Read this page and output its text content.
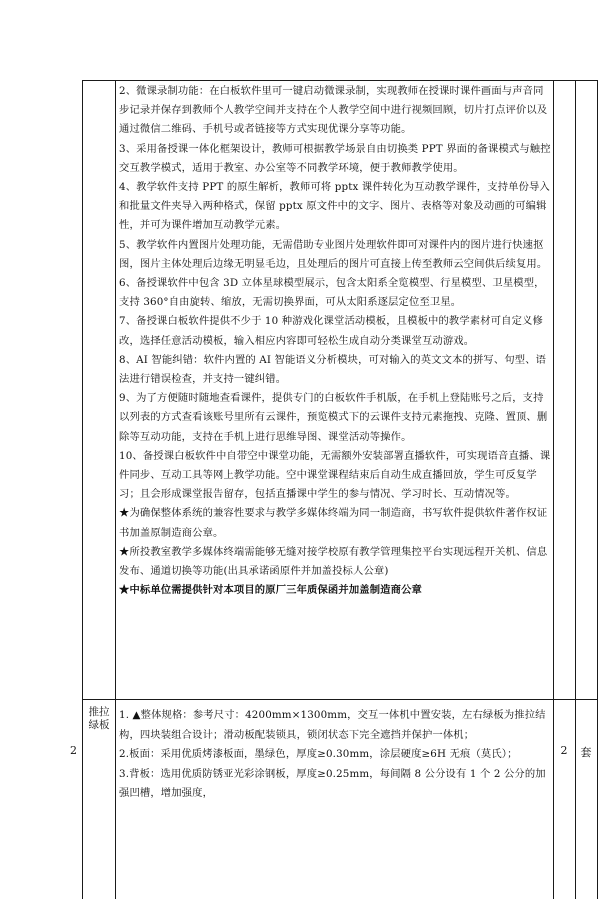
2、微课录制功能：在白板软件里可一键启动微课录制，实现教师在授课时课件画面与声音同步记录并保存到教师个人教学空间并支持在个人教学空间中进行视频回顾，切片打点评价以及通过微信二维码、手机号或者链接等方式实现优课分享等功能。

3、采用备授课一体化框架设计，教师可根据教学场景自由切换类 PPT 界面的备课模式与触控交互教学模式，适用于教室、办公室等不同教学环境，便于教师教学使用。

4、教学软件支持 PPT 的原生解析，教师可将 pptx 课件转化为互动教学课件，支持单份导入和批量文件夹导入两种格式，保留 pptx 原文件中的文字、图片、表格等对象及动画的可编辑性，并可为课件增加互动教学元素。

5、教学软件内置图片处理功能，无需借助专业图片处理软件即可对课件内的图片进行快速抠图，图片主体处理后边缘无明显毛边，且处理后的图片可直接上传至教师云空间供后续复用。

6、备授课软件中包含 3D 立体星球模型展示，包含太阳系全览模型、行星模型、卫星模型，支持 360°自由旋转、缩放，无需切换界面，可从太阳系逐层定位至卫星。

7、备授课白板软件提供不少于 10 种游戏化课堂活动模板，且模板中的教学素材可自定义修改，选择任意活动模板，输入相应内容即可轻松生成自动分类课堂互动游戏。

8、AI 智能纠错：软件内置的 AI 智能语义分析模块，可对输入的英文文本的拼写、句型、语法进行错误检查，并支持一键纠错。

9、为了方便随时随地查看课件，提供专门的白板软件手机版，在手机上登陆账号之后，支持以列表的方式查看该账号里所有云课件，预览模式下的云课件支持元素拖拽、克隆、置顶、删除等互动功能，支持在手机上进行思维导图、课堂活动等操作。

10、备授课白板软件中自带空中课堂功能，无需额外安装部署直播软件，可实现语音直播、课件同步、互动工具等网上教学功能。空中课堂课程结束后自动生成直播回放，学生可反复学习；且会形成课堂报告留存，包括直播课中学生的参与情况、学习时长、互动情况等。

★为确保整体系统的兼容性要求与教学多媒体终端为同一制造商，书写软件提供软件著作权证书加盖原制造商公章。

★所投教室教学多媒体终端需能够无缝对接学校原有教学管理集控平台实现远程开关机、信息发布、通道切换等功能(出具承诺函原件并加盖投标人公章)

★中标单位需提供针对本项目的原厂三年质保函并加盖制造商公章

2
推拉绿板

1. ▲整体规格：参考尺寸：4200mm×1300mm，交互一体机中置安装，左右绿板为推拉结构，四块装组合设计；滑动板配装锁具，锁闭状态下完全遮挡并保护一体机；

2.板面：采用优质烤漆板面，墨绿色，厚度≥0.30mm，涂层硬度≥6H 无痕（莫氏）；

3.背板：选用优质防锈亚光彩涂钢板，厚度≥0.25mm，每间隔 8 公分设有 1 个 2 公分的加强凹槽，增加强度，

2	套
